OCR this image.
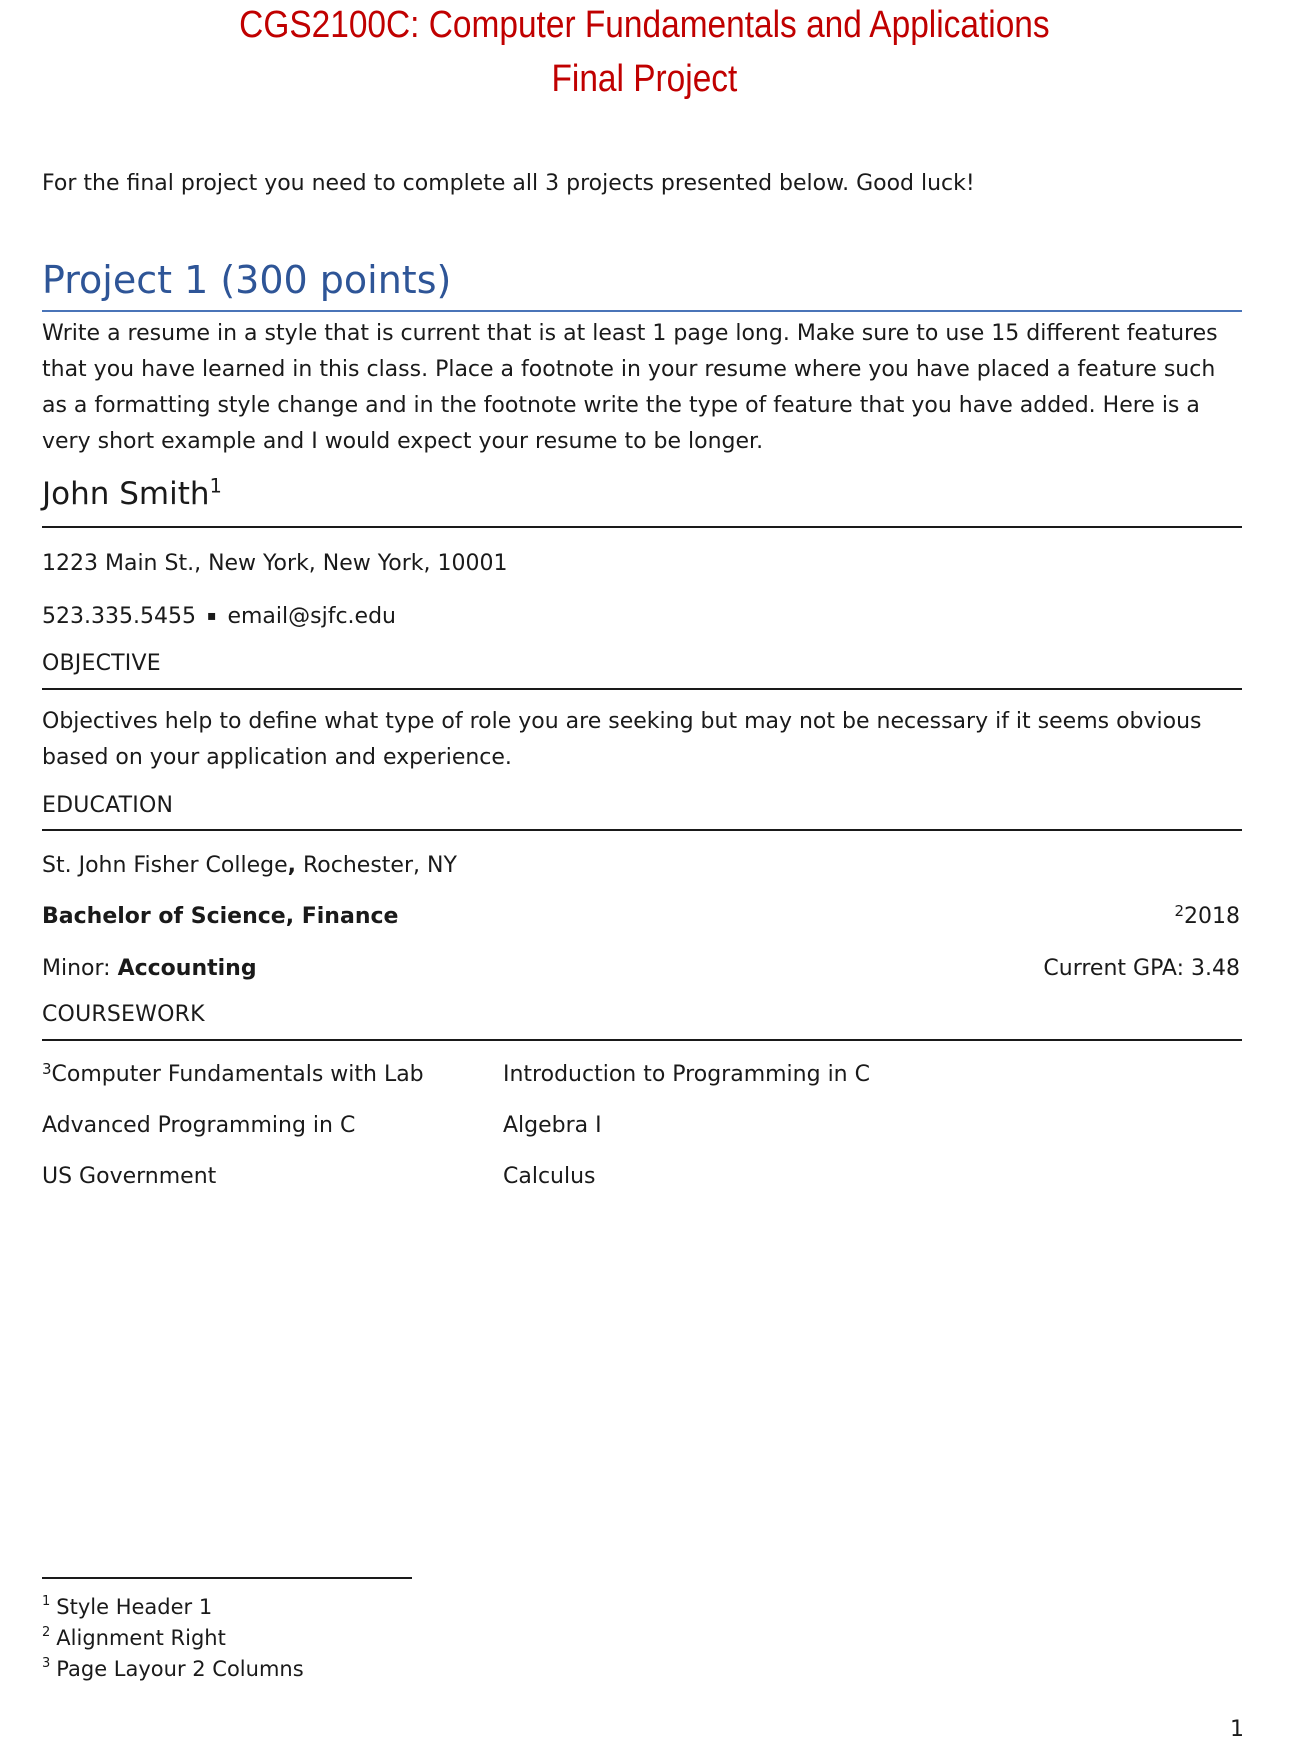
CGS2100C: Computer Fundamentals and Applications
Final Project
For the final project you need to complete all 3 projects presented below. Good luck!
Project 1 (300 points)
Write a resume in a style that is current that is at least 1 page long. Make sure to use 15 different features that you have learned in this class. Place a footnote in your resume where you have placed a feature such as a formatting style change and in the footnote write the type of feature that you have added. Here is a very short example and I would expect your resume to be longer.
John Smith$^1$
1223 Main St., New York, New York, 10001
523.335.5455 ▪ email@sjfc.edu
OBJECTIVE
Objectives help to define what type of role you are seeking but may not be necessary if it seems obvious based on your application and experience.
EDUCATION
St. John Fisher College, Rochester, NY
Bachelor of Science, Finance	$^2$2018
Minor: Accounting	Current GPA: 3.48
COURSEWORK
$^3$Computer Fundamentals with Lab	Introduction to Programming in C
Advanced Programming in C	Algebra I
US Government	Calculus
$^1$ Style Header 1
$^2$ Alignment Right
$^3$ Page Layour 2 Columns
1
